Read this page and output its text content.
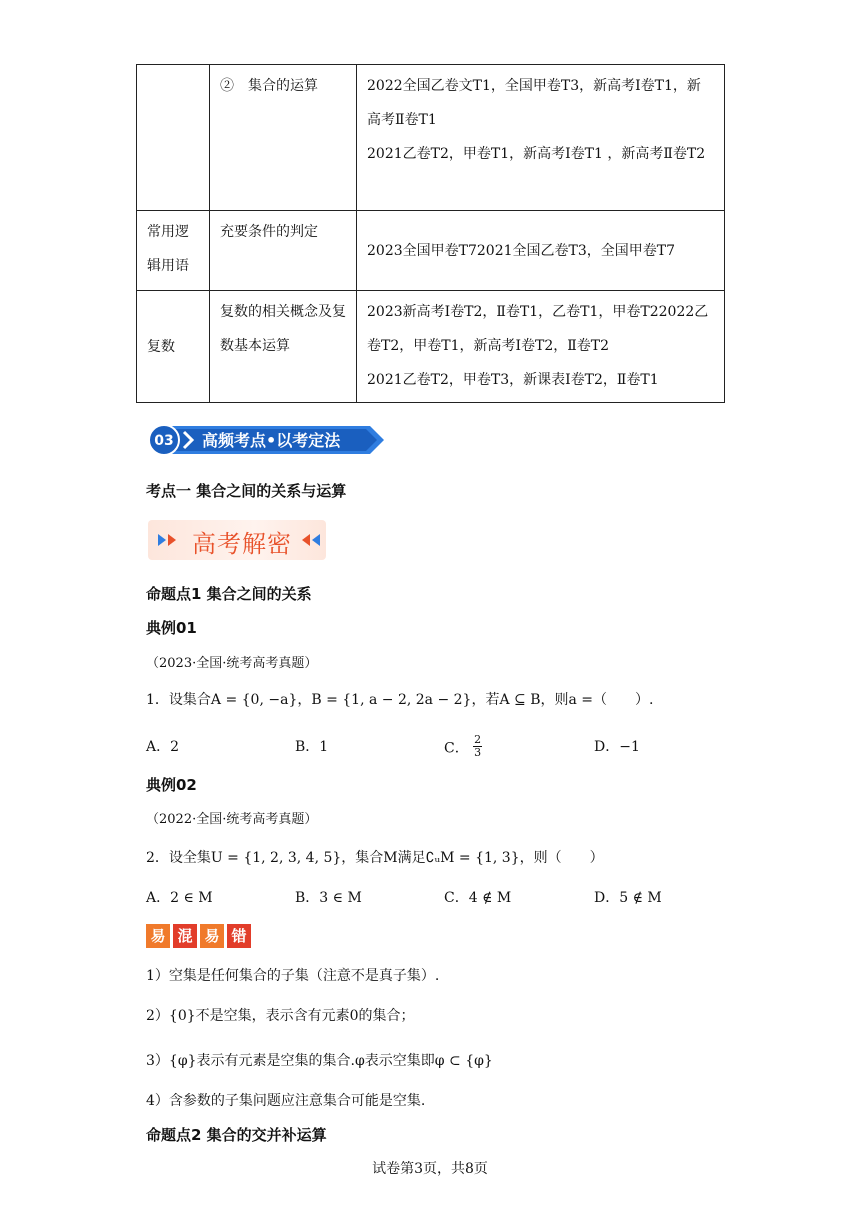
	②　集合的运算	2022全国乙卷文T1，全国甲卷T3，新高考I卷T1，新高考Ⅱ卷T1
2021乙卷T2，甲卷T1，新高考Ⅰ卷T1 ，新高考Ⅱ卷T2

常用逻辑用语	充要条件的判定	2023全国甲卷T72021全国乙卷T3，全国甲卷T7

复数	复数的相关概念及复数基本运算	2023新高考Ⅰ卷T2，Ⅱ卷T1，乙卷T1，甲卷T22022乙卷T2，甲卷T1，新高考Ⅰ卷T2，Ⅱ卷T2
2021乙卷T2，甲卷T3，新课表Ⅰ卷T2，Ⅱ卷T1
03 高频考点•以考定法
考点一 集合之间的关系与运算
高考解密
命题点1 集合之间的关系
典例01
（2023·全国·统考高考真题）
1．设集合A = {0, −a}，B = {1, a − 2, 2a − 2}，若A ⊆ B，则a =（　　）.
A．2	B．1	C． $\frac{2}{3}$	D．−1
典例02
（2022·全国·统考高考真题）
2．设全集U = {1, 2, 3, 4, 5}，集合M满足∁ᵤM = {1, 3}，则（　　）
A．2 ∈ M	B．3 ∈ M	C．4 ∉ M	D．5 ∉ M
易 混 易 错
1）空集是任何集合的子集（注意不是真子集）.
2）{0}不是空集，表示含有元素0的集合；
3）{φ}表示有元素是空集的集合.φ表示空集即φ ⊂ {φ}
4）含参数的子集问题应注意集合可能是空集.
命题点2 集合的交并补运算
试卷第3页，共8页
